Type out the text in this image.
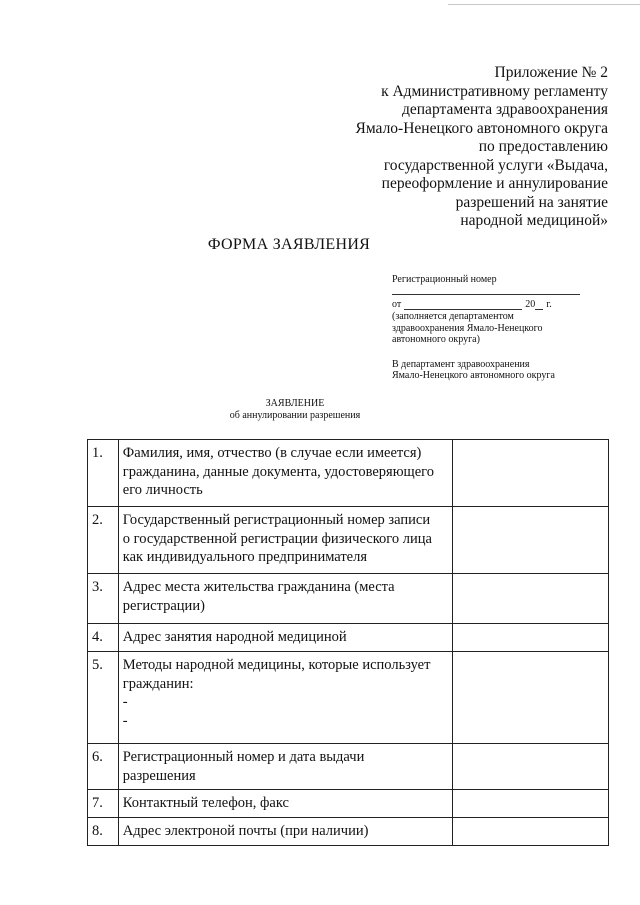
Приложение № 2
к Административному регламенту
департамента здравоохранения
Ямало-Ненецкого автономного округа
по предоставлению
государственной услуги «Выдача,
переоформление и аннулирование
разрешений на занятие
народной медициной»
ФОРМА ЗАЯВЛЕНИЯ
Регистрационный номер
от	20 г.
(заполняется департаментом
здравоохранения Ямало-Ненецкого
автономного округа)
В департамент здравоохранения
Ямало-Ненецкого автономного округа
ЗАЯВЛЕНИЕ
об аннулировании разрешения
1.	Фамилия, имя, отчество (в случае если имеется)
гражданина, данные документа, удостоверяющего
его личность	

2.	Государственный регистрационный номер записи
о государственной регистрации физического лица
как индивидуального предпринимателя	

3.	Адрес места жительства гражданина (места
регистрации)	

4.	Адрес занятия народной медициной	

5.	Методы народной медицины, которые использует
гражданин:
-
-	

6.	Регистрационный номер и дата выдачи
разрешения	

7.	Контактный телефон, факс	

8.	Адрес электроной почты (при наличии)	
